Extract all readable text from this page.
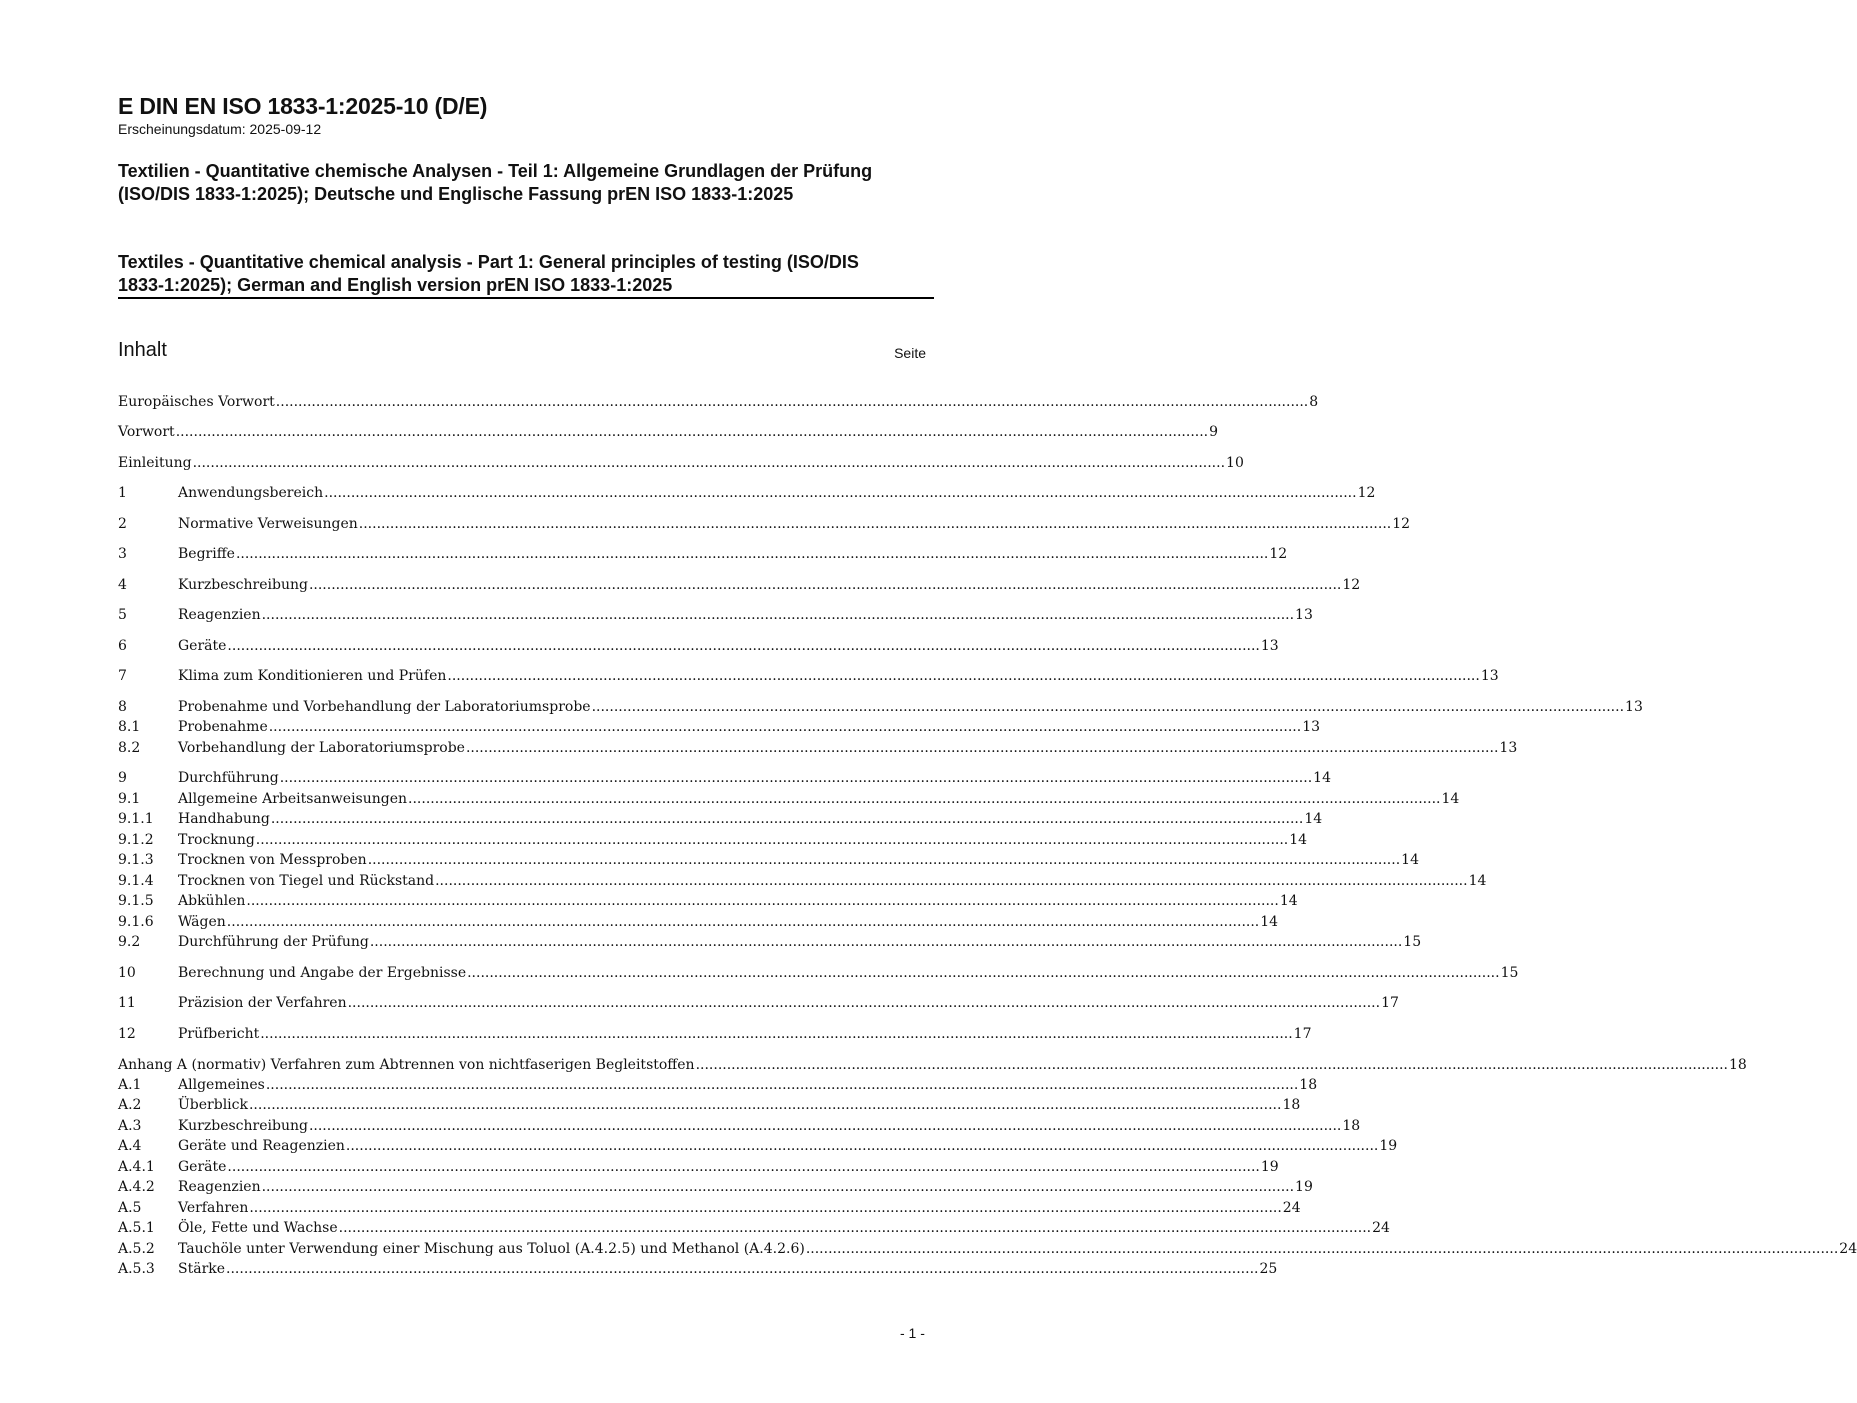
E DIN EN ISO 1833-1:2025-10 (D/E)
Erscheinungsdatum: 2025-09-12
Textilien - Quantitative chemische Analysen - Teil 1: Allgemeine Grundlagen der Prüfung (ISO/DIS 1833-1:2025); Deutsche und Englische Fassung prEN ISO 1833-1:2025
Textiles - Quantitative chemical analysis - Part 1: General principles of testing (ISO/DIS 1833-1:2025); German and English version prEN ISO 1833-1:2025
Inhalt	Seite
Europäisches Vorwort .....	8
Vorwort .....	9
Einleitung .....	10
1	Anwendungsbereich .....	12
2	Normative Verweisungen .....	12
3	Begriffe .....	12
4	Kurzbeschreibung .....	12
5	Reagenzien .....	13
6	Geräte .....	13
7	Klima zum Konditionieren und Prüfen .....	13
8	Probenahme und Vorbehandlung der Laboratoriumsprobe .....	13
8.1	Probenahme .....	13
8.2	Vorbehandlung der Laboratoriumsprobe .....	13
9	Durchführung .....	14
9.1	Allgemeine Arbeitsanweisungen .....	14
9.1.1	Handhabung .....	14
9.1.2	Trocknung .....	14
9.1.3	Trocknen von Messproben .....	14
9.1.4	Trocknen von Tiegel und Rückstand .....	14
9.1.5	Abkühlen .....	14
9.1.6	Wägen .....	14
9.2	Durchführung der Prüfung .....	15
10	Berechnung und Angabe der Ergebnisse .....	15
11	Präzision der Verfahren .....	17
12	Prüfbericht .....	17
Anhang A (normativ) Verfahren zum Abtrennen von nichtfaserigen Begleitstoffen .....	18
A.1	Allgemeines .....	18
A.2	Überblick .....	18
A.3	Kurzbeschreibung .....	18
A.4	Geräte und Reagenzien .....	19
A.4.1	Geräte .....	19
A.4.2	Reagenzien .....	19
A.5	Verfahren .....	24
A.5.1	Öle, Fette und Wachse .....	24
A.5.2	Tauchöle unter Verwendung einer Mischung aus Toluol (A.4.2.5) und Methanol (A.4.2.6) .....	24
A.5.3	Stärke .....	25
- 1 -
